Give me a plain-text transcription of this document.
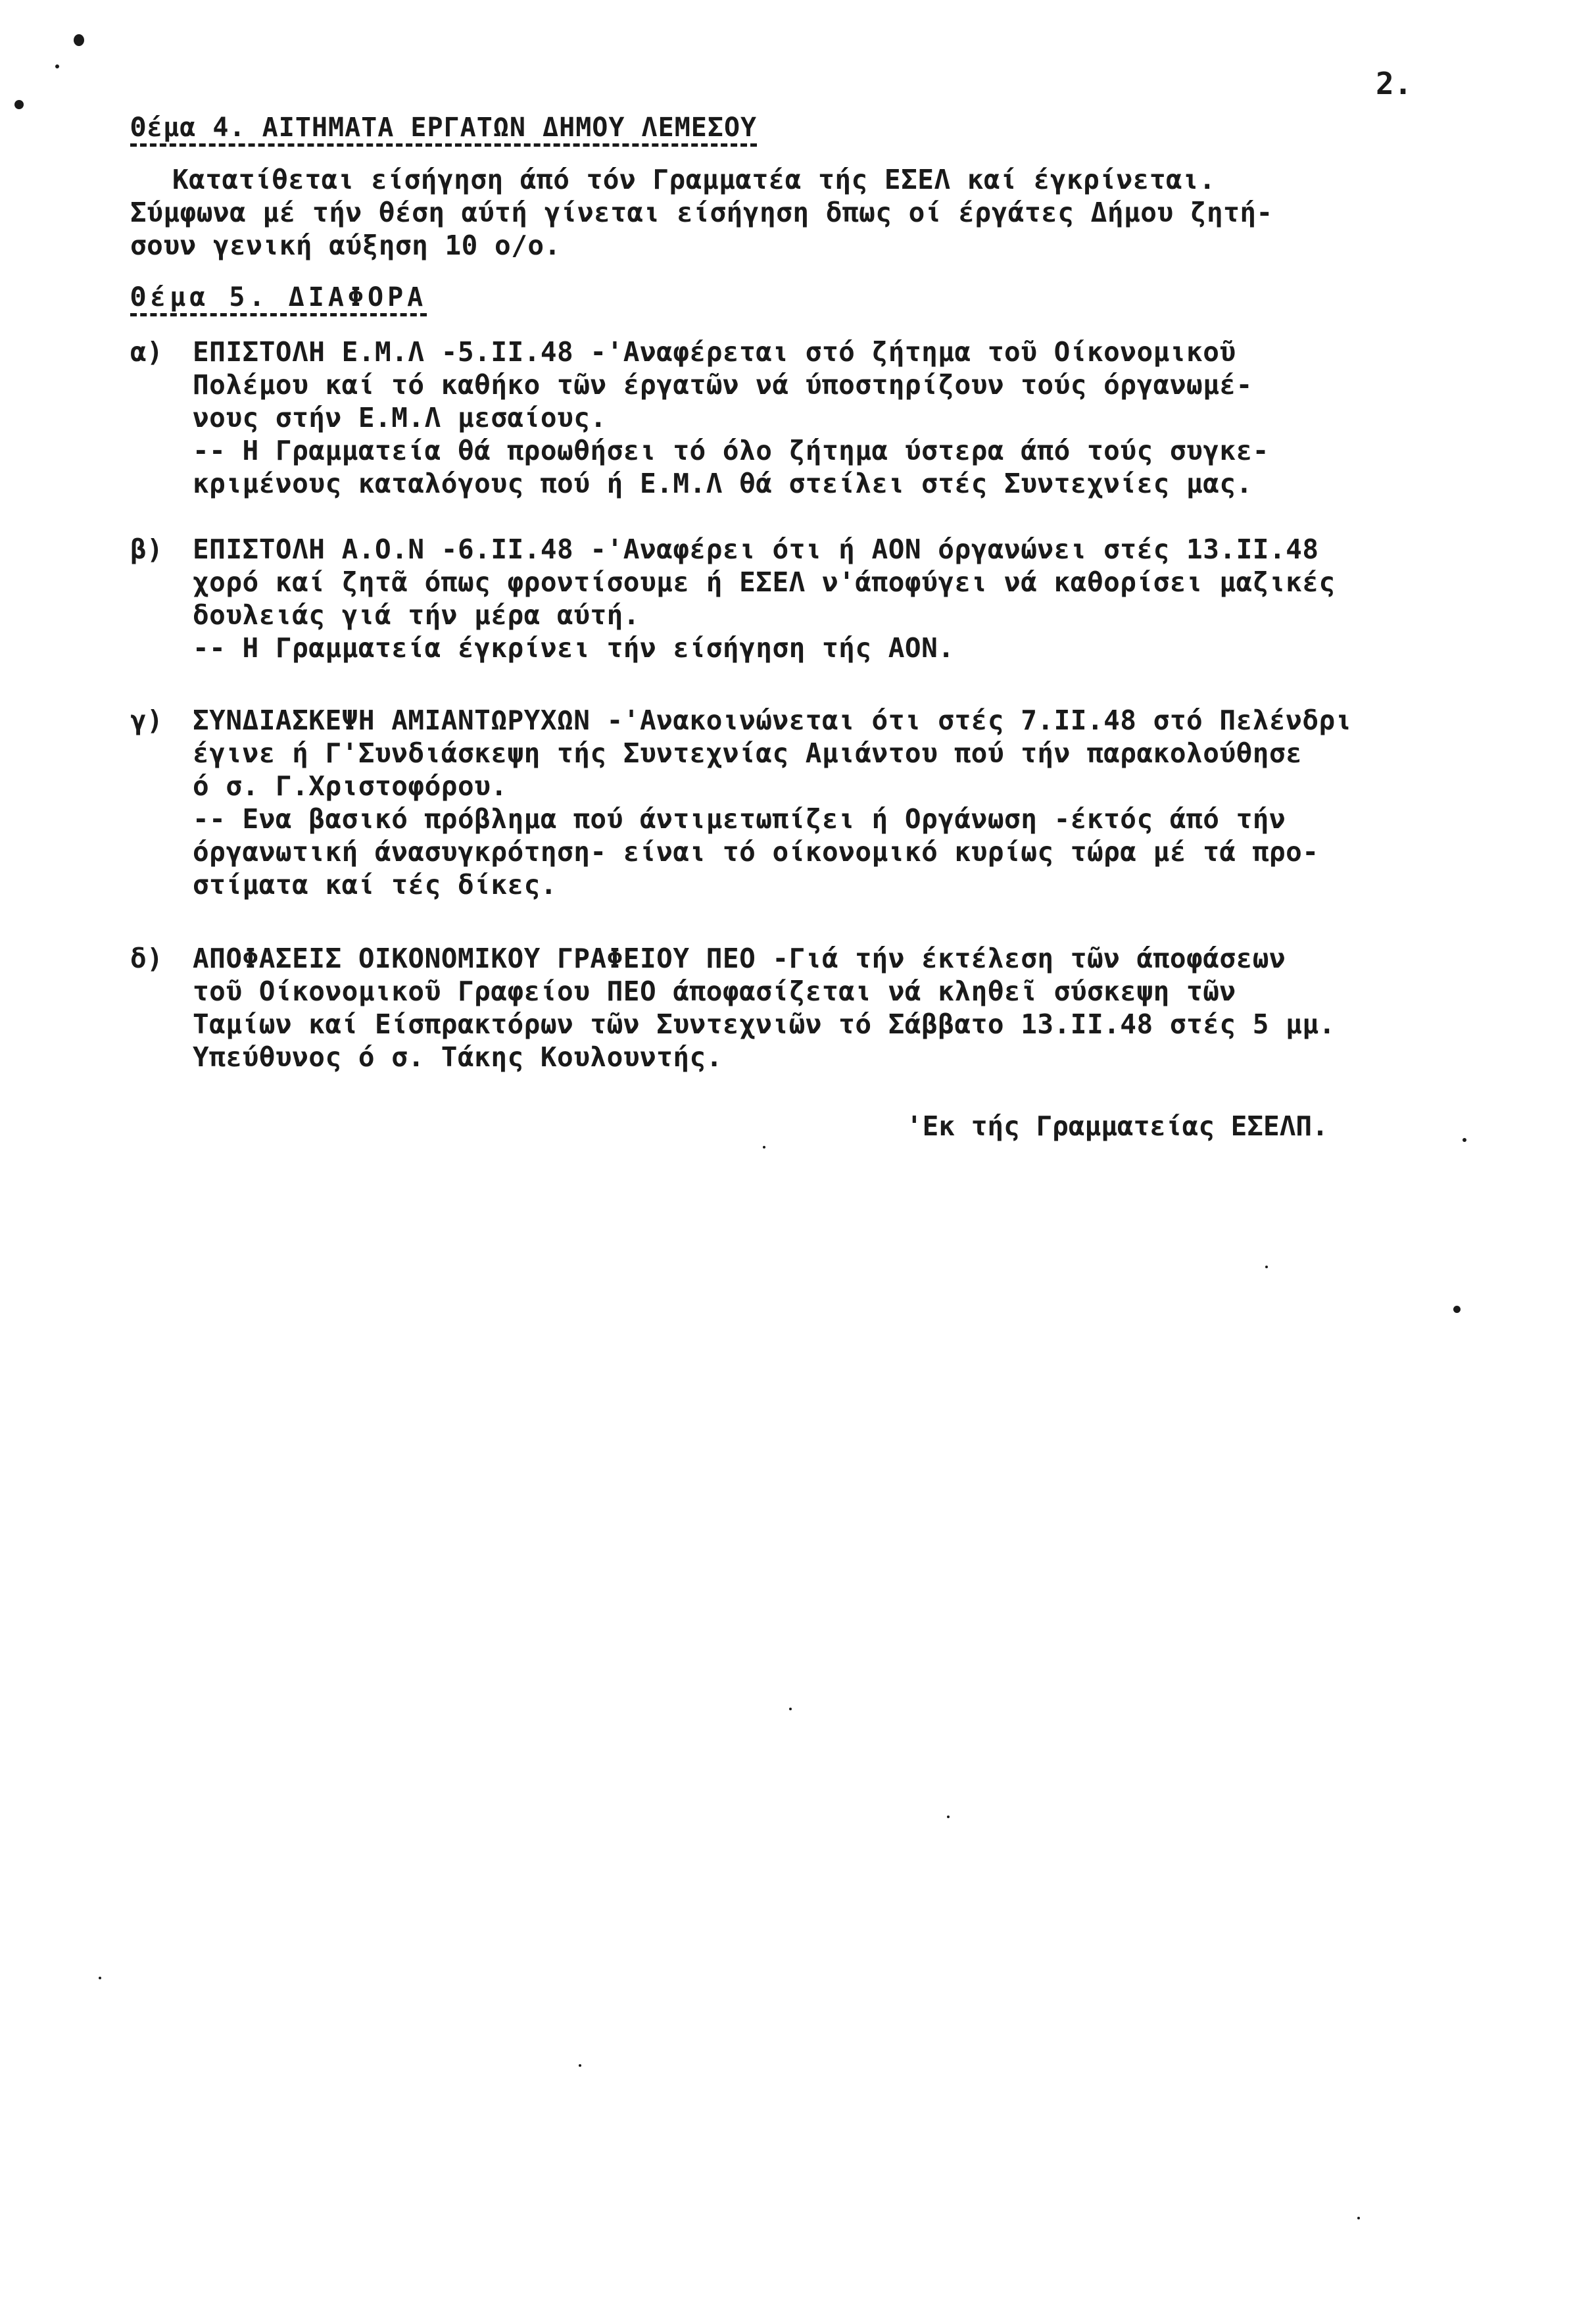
2.
Θέμα 4. ΑΙΤΗΜΑΤΑ ΕΡΓΑΤΩΝ ΔΗΜΟΥ ΛΕΜΕΣΟΥ
Κατατίθεται είσήγηση άπό τόν Γραμματέα τής ΕΣΕΛ καί έγκρίνεται.
Σύμφωνα μέ τήν θέση αύτή γίνεται είσήγηση δπως οί έργάτες Δήμου ζητή-
σουν γενική αύξηση 10 ο/ο.
Θέμα 5. ΔΙΑΦΟΡΑ
α) ΕΠΙΣΤΟΛΗ Ε.Μ.Λ -5.ΙΙ.48 -'Αναφέρεται στό ζήτημα τοῦ Οίκονομικοῦ
Πολέμου καί τό καθήκο τῶν έργατῶν νά ύποστηρίζουν τούς όργανωμέ-
νους στήν Ε.Μ.Λ μεσαίους.
-- Η Γραμματεία θά προωθήσει τό όλο ζήτημα ύστερα άπό τούς συγκε-
κριμένους καταλόγους πού ή Ε.Μ.Λ θά στείλει στές Συντεχνίες μας.
β) ΕΠΙΣΤΟΛΗ Α.Ο.Ν -6.ΙΙ.48 -'Αναφέρει ότι ή ΑΟΝ όργανώνει στές 13.ΙΙ.48
χορό καί ζητᾶ όπως φροντίσουμε ή ΕΣΕΛ ν'άποφύγει νά καθορίσει μαζικές
δουλειάς γιά τήν μέρα αύτή.
-- Η Γραμματεία έγκρίνει τήν είσήγηση τής ΑΟΝ.
γ) ΣΥΝΔΙΑΣΚΕΨΗ ΑΜΙΑΝΤΩΡΥΧΩΝ -'Ανακοινώνεται ότι στές 7.ΙΙ.48 στό Πελένδρι
έγινε ή Γ'Συνδιάσκεψη τής Συντεχνίας Αμιάντου πού τήν παρακολούθησε
ό σ. Γ.Χριστοφόρου.
-- Ενα βασικό πρόβλημα πού άντιμετωπίζει ή Οργάνωση -έκτός άπό τήν
όργανωτική άνασυγκρότηση- είναι τό οίκονομικό κυρίως τώρα μέ τά προ-
στίματα καί τές δίκες.
δ) ΑΠΟΦΑΣΕΙΣ ΟΙΚΟΝΟΜΙΚΟΥ ΓΡΑΦΕΙΟΥ ΠΕΟ -Γιά τήν έκτέλεση τῶν άποφάσεων
τοῦ Οίκονομικοῦ Γραφείου ΠΕΟ άποφασίζεται νά κληθεῖ σύσκεψη τῶν
Ταμίων καί Είσπρακτόρων τῶν Συντεχνιῶν τό Σάββατο 13.ΙΙ.48 στές 5 μμ.
Υπεύθυνος ό σ. Τάκης Κουλουντής.
'Εκ τής Γραμματείας ΕΣΕΛΠ.
